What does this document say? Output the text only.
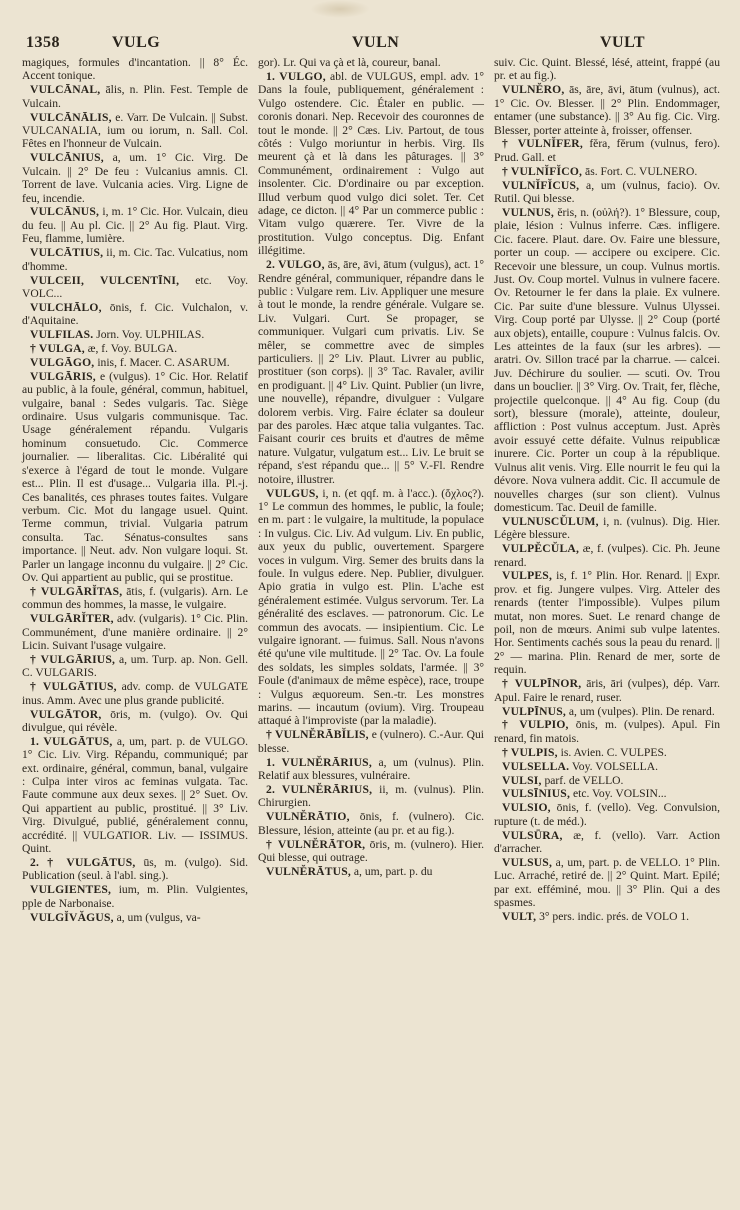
1358	VULG	VULN	VULT

magiques, formules d'incantation. || 8° Éc. Accent tonique.

VULCĀNAL, ālis, n. Plin. Fest. Temple de Vulcain.

VULCĀNĀLIS, e. Varr. De Vulcain. || Subst. VULCANALIA, ium ou iorum, n. Sall. Col. Fêtes en l'honneur de Vulcain.

VULCĀNIUS, a, um. 1° Cic. Virg. De Vulcain. || 2° De feu : Vulcanius amnis. Cl. Torrent de lave. Vulcania acies. Virg. Ligne de feu, incendie.

VULCĀNUS, i, m. 1° Cic. Hor. Vulcain, dieu du feu. || Au pl. Cic. || 2° Au fig. Plaut. Virg. Feu, flamme, lumière.

VULCĀTIUS, ii, m. Cic. Tac. Vulcatius, nom d'homme.

VULCEII, VULCENTĪNI, etc. Voy. VOLC...

VULCHĀLO, ōnis, f. Cic. Vulchalon, v. d'Aquitaine.

VULFILAS. Jorn. Voy. ULPHILAS.

† VULGA, æ, f. Voy. BULGA.

VULGĀGO, inis, f. Macer. C. ASARUM.

VULGĀRIS, e (vulgus). 1° Cic. Hor. Relatif au public, à la foule, général, commun, habituel, vulgaire, banal : Sedes vulgaris. Tac. Siège ordinaire. Usus vulgaris communisque. Tac. Usage généralement répandu. Vulgaris hominum consuetudo. Cic. Commerce journalier. — liberalitas. Cic. Libéralité qui s'exerce à l'égard de tout le monde. Vulgare est... Plin. Il est d'usage... Vulgaria illa. Pl.-j. Ces banalités, ces phrases toutes faites. Vulgare verbum. Cic. Mot du langage usuel. Quint. Terme commun, trivial. Vulgaria patrum consulta. Tac. Sénatus-consultes sans importance. || Neut. adv. Non vulgare loqui. St. Parler un langage inconnu du vulgaire. || 2° Cic. Ov. Qui appartient au public, qui se prostitue.

† VULGĀRĬTAS, ātis, f. (vulgaris). Arn. Le commun des hommes, la masse, le vulgaire.

VULGĀRĬTER, adv. (vulgaris). 1° Cic. Plin. Communément, d'une manière ordinaire. || 2° Licin. Suivant l'usage vulgaire.

† VULGĀRIUS, a, um. Turp. ap. Non. Gell. C. VULGARIS.

† VULGĀTIUS, adv. comp. de VULGATE inus. Amm. Avec une plus grande publicité.

VULGĀTOR, ōris, m. (vulgo). Ov. Qui divulgue, qui révèle.

1. VULGĀTUS, a, um, part. p. de VULGO. 1° Cic. Liv. Virg. Répandu, communiqué; par ext. ordinaire, général, commun, banal, vulgaire : Culpa inter viros ac feminas vulgata. Tac. Faute commune aux deux sexes. || 2° Suet. Ov. Qui appartient au public, prostitué. || 3° Liv. Virg. Divulgué, publié, généralement connu, accrédité. || VULGATIOR. Liv. — ISSIMUS. Quint.

2. † VULGĀTUS, ūs, m. (vulgo). Sid. Publication (seul. à l'abl. sing.).

VULGIENTES, ium, m. Plin. Vulgientes, pple de Narbonaise.

VULGĬVĂGUS, a, um (vulgus, va-

gor). Lr. Qui va çà et là, coureur, banal.

1. VULGO, abl. de VULGUS, empl. adv. 1° Dans la foule, publiquement, généralement : Vulgo ostendere. Cic. Étaler en public. — coronis donari. Nep. Recevoir des couronnes de tout le monde. || 2° Cæs. Liv. Partout, de tous côtés : Vulgo moriuntur in herbis. Virg. Ils meurent çà et là dans les pâturages. || 3° Communément, ordinairement : Vulgo aut insolenter. Cic. D'ordinaire ou par exception. Illud verbum quod vulgo dici solet. Ter. Cet adage, ce dicton. || 4° Par un commerce public : Vitam vulgo quærere. Ter. Vivre de la prostitution. Vulgo conceptus. Dig. Enfant illégitime.

2. VULGO, ās, āre, āvi, ātum (vulgus), act. 1° Rendre général, communiquer, répandre dans le public : Vulgare rem. Liv. Appliquer une mesure à tout le monde, la rendre générale. Vulgare se. Liv. Vulgari. Curt. Se propager, se communiquer. Vulgari cum privatis. Liv. Se mêler, se commettre avec de simples particuliers. || 2° Liv. Plaut. Livrer au public, prostituer (son corps). || 3° Tac. Ravaler, avilir en prodiguant. || 4° Liv. Quint. Publier (un livre, une nouvelle), répandre, divulguer : Vulgare dolorem verbis. Virg. Faire éclater sa douleur par des paroles. Hæc atque talia vulgantes. Tac. Faisant courir ces bruits et d'autres de même nature. Vulgatur, vulgatum est... Liv. Le bruit se répand, s'est répandu que... || 5° V.-Fl. Rendre notoire, illustrer.

VULGUS, i, n. (et qqf. m. à l'acc.). (ὄχλος?). 1° Le commun des hommes, le public, la foule; en m. part : le vulgaire, la multitude, la populace : In vulgus. Cic. Liv. Ad vulgum. Liv. En public, aux yeux du public, ouvertement. Spargere voces in vulgum. Virg. Semer des bruits dans la foule. In vulgus edere. Nep. Publier, divulguer. Apio gratia in vulgo est. Plin. L'ache est généralement estimée. Vulgus servorum. Ter. La généralité des esclaves. — patronorum. Cic. Le commun des avocats. — insipientium. Cic. Le vulgaire ignorant. — fuimus. Sall. Nous n'avons été qu'une vile multitude. || 2° Tac. Ov. La foule des soldats, les simples soldats, l'armée. || 3° Foule (d'animaux de même espèce), race, troupe : Vulgus æquoreum. Sen.-tr. Les monstres marins. — incautum (ovium). Virg. Troupeau attaqué à l'improviste (par la maladie).

† VULNĔRĀBĬLIS, e (vulnero). C.-Aur. Qui blesse.

1. VULNĔRĀRIUS, a, um (vulnus). Plin. Relatif aux blessures, vulnéraire.

2. VULNĔRĀRIUS, ii, m. (vulnus). Plin. Chirurgien.

VULNĔRĀTIO, ōnis, f. (vulnero). Cic. Blessure, lésion, atteinte (au pr. et au fig.).

† VULNĔRĀTOR, ōris, m. (vulnero). Hier. Qui blesse, qui outrage.

VULNĔRĀTUS, a, um, part. p. du

suiv. Cic. Quint. Blessé, lésé, atteint, frappé (au pr. et au fig.).

VULNĔRO, ās, āre, āvi, ātum (vulnus), act. 1° Cic. Ov. Blesser. || 2° Plin. Endommager, entamer (une substance). || 3° Au fig. Cic. Virg. Blesser, porter atteinte à, froisser, offenser.

† VULNĬFER, fĕra, fĕrum (vulnus, fero). Prud. Gall. et

† VULNĬFĬCO, ās. Fort. C. VULNERO.

VULNĬFĬCUS, a, um (vulnus, facio). Ov. Rutil. Qui blesse.

VULNUS, ĕris, n. (οὐλή?). 1° Blessure, coup, plaie, lésion : Vulnus inferre. Cæs. infligere. Cic. facere. Plaut. dare. Ov. Faire une blessure, porter un coup. — accipere ou excipere. Cic. Recevoir une blessure, un coup. Vulnus mortis. Just. Ov. Coup mortel. Vulnus in vulnere facere. Ov. Retourner le fer dans la plaie. Ex vulnere. Cic. Par suite d'une blessure. Vulnus Ulyssei. Virg. Coup porté par Ulysse. || 2° Coup (porté aux objets), entaille, coupure : Vulnus falcis. Ov. Les atteintes de la faux (sur les arbres). — aratri. Ov. Sillon tracé par la charrue. — calcei. Juv. Déchirure du soulier. — scuti. Ov. Trou dans un bouclier. || 3° Virg. Ov. Trait, fer, flèche, projectile quelconque. || 4° Au fig. Coup (du sort), blessure (morale), atteinte, douleur, affliction : Post vulnus acceptum. Just. Après avoir essuyé cette défaite. Vulnus reipublicæ inurere. Cic. Porter un coup à la république. Vulnus alit venis. Virg. Elle nourrit le feu qui la dévore. Nova vulnera addit. Cic. Il accumule de nouvelles charges (sur son client). Vulnus domesticum. Tac. Deuil de famille.

VULNUSCŬLUM, i, n. (vulnus). Dig. Hier. Légère blessure.

VULPĔCŬLA, æ, f. (vulpes). Cic. Ph. Jeune renard.

VULPES, is, f. 1° Plin. Hor. Renard. || Expr. prov. et fig. Jungere vulpes. Virg. Atteler des renards (tenter l'impossible). Vulpes pilum mutat, non mores. Suet. Le renard change de poil, non de mœurs. Animi sub vulpe latentes. Hor. Sentiments cachés sous la peau du renard. || 2° — marina. Plin. Renard de mer, sorte de requin.

† VULPĪNOR, āris, āri (vulpes), dép. Varr. Apul. Faire le renard, ruser.

VULPĪNUS, a, um (vulpes). Plin. De renard.

† VULPIO, ōnis, m. (vulpes). Apul. Fin renard, fin matois.

† VULPIS, is. Avien. C. VULPES.

VULSELLA. Voy. VOLSELLA.

VULSI, parf. de VELLO.

VULSĪNIUS, etc. Voy. VOLSIN...

VULSIO, ōnis, f. (vello). Veg. Convulsion, rupture (t. de méd.).

VULSŪRA, æ, f. (vello). Varr. Action d'arracher.

VULSUS, a, um, part. p. de VELLO. 1° Plin. Luc. Arraché, retiré de. || 2° Quint. Mart. Epilé; par ext. efféminé, mou. || 3° Plin. Qui a des spasmes.

VULT, 3° pers. indic. prés. de VOLO 1.
